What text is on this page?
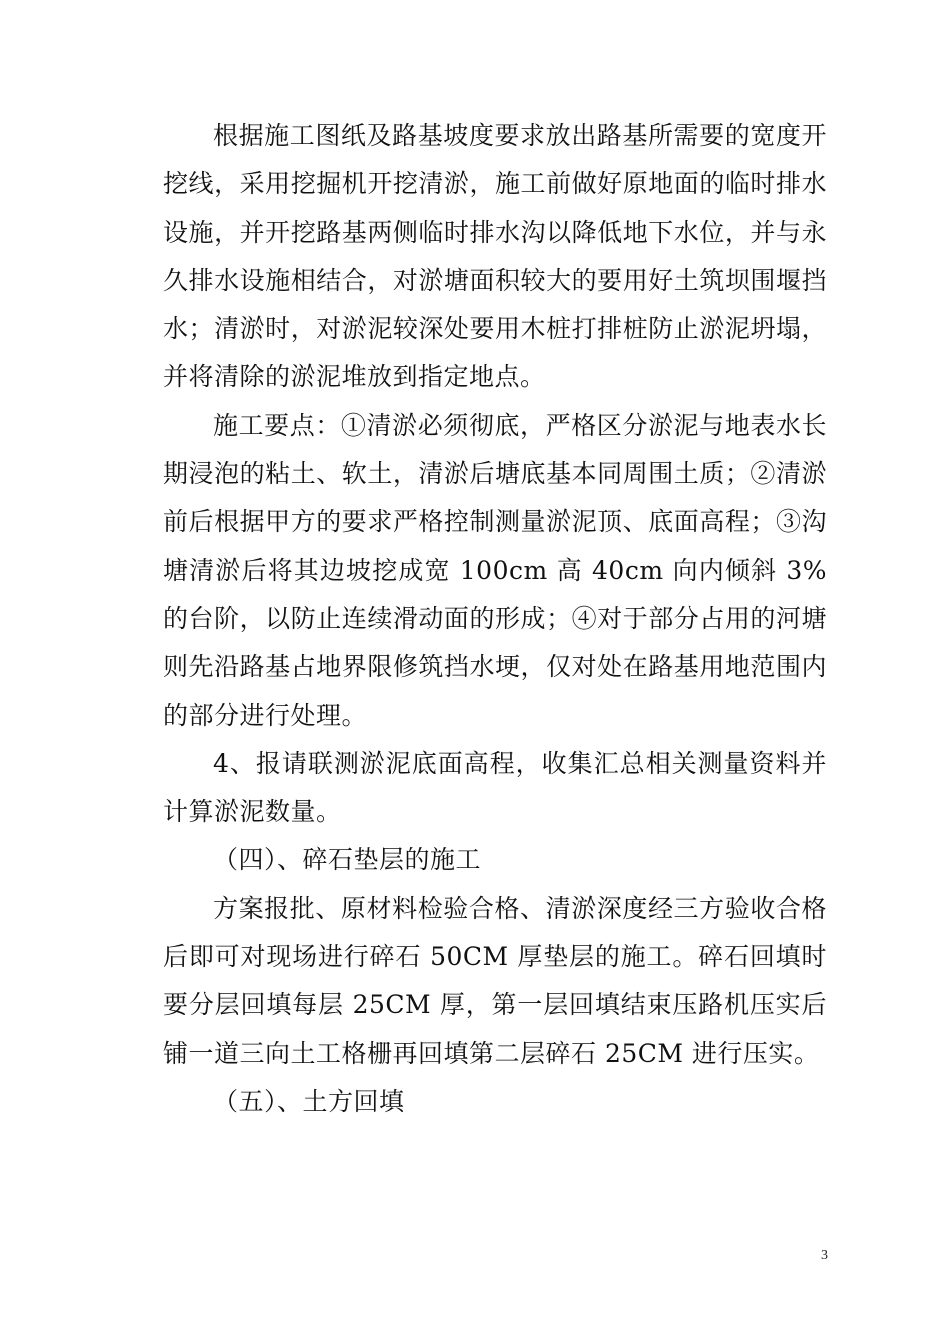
根据施工图纸及路基坡度要求放出路基所需要的宽度开挖线，采用挖掘机开挖清淤，施工前做好原地面的临时排水设施，并开挖路基两侧临时排水沟以降低地下水位，并与永久排水设施相结合，对淤塘面积较大的要用好土筑坝围堰挡水；清淤时，对淤泥较深处要用木桩打排桩防止淤泥坍塌，并将清除的淤泥堆放到指定地点。

施工要点：①清淤必须彻底，严格区分淤泥与地表水长期浸泡的粘土、软土，清淤后塘底基本同周围土质；②清淤前后根据甲方的要求严格控制测量淤泥顶、底面高程；③沟塘清淤后将其边坡挖成宽 100cm 高 40cm 向内倾斜 3%的台阶，以防止连续滑动面的形成；④对于部分占用的河塘则先沿路基占地界限修筑挡水埂，仅对处在路基用地范围内的部分进行处理。

4、报请联测淤泥底面高程，收集汇总相关测量资料并计算淤泥数量。

（四）、碎石垫层的施工

方案报批、原材料检验合格、清淤深度经三方验收合格后即可对现场进行碎石 50CM 厚垫层的施工。碎石回填时要分层回填每层 25CM 厚，第一层回填结束压路机压实后铺一道三向土工格栅再回填第二层碎石 25CM 进行压实。

（五）、土方回填

3
